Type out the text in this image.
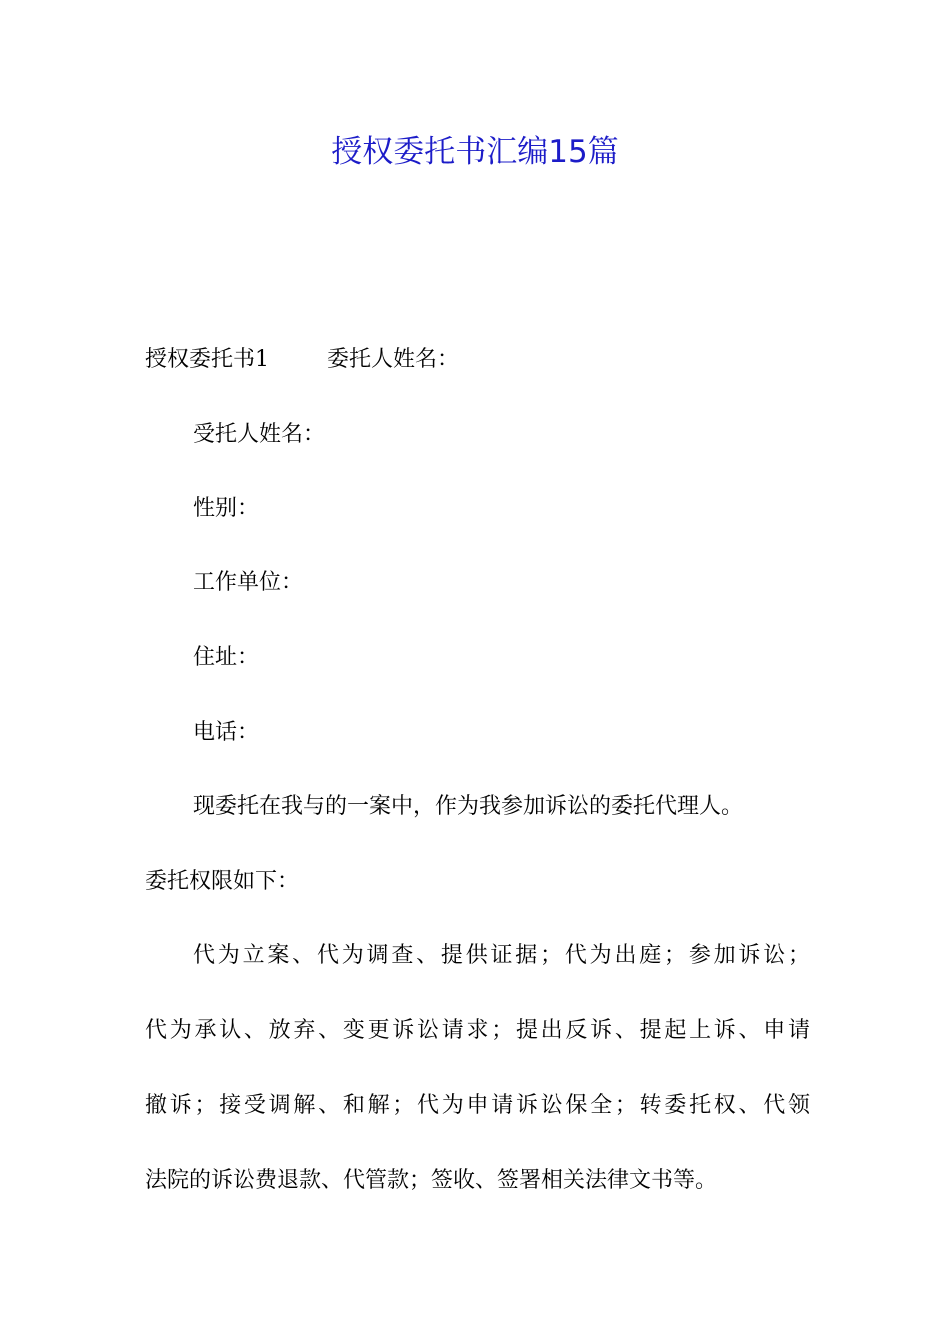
授权委托书汇编15篇

授权委托书1	委托人姓名：

受托人姓名：

性别：

工作单位：

住址：

电话：

现委托在我与的一案中，作为我参加诉讼的委托代理人。

委托权限如下：

代为立案、代为调查、提供证据；代为出庭；参加诉讼；

代为承认、放弃、变更诉讼请求；提出反诉、提起上诉、申请

撤诉；接受调解、和解；代为申请诉讼保全；转委托权、代领

法院的诉讼费退款、代管款；签收、签署相关法律文书等。
